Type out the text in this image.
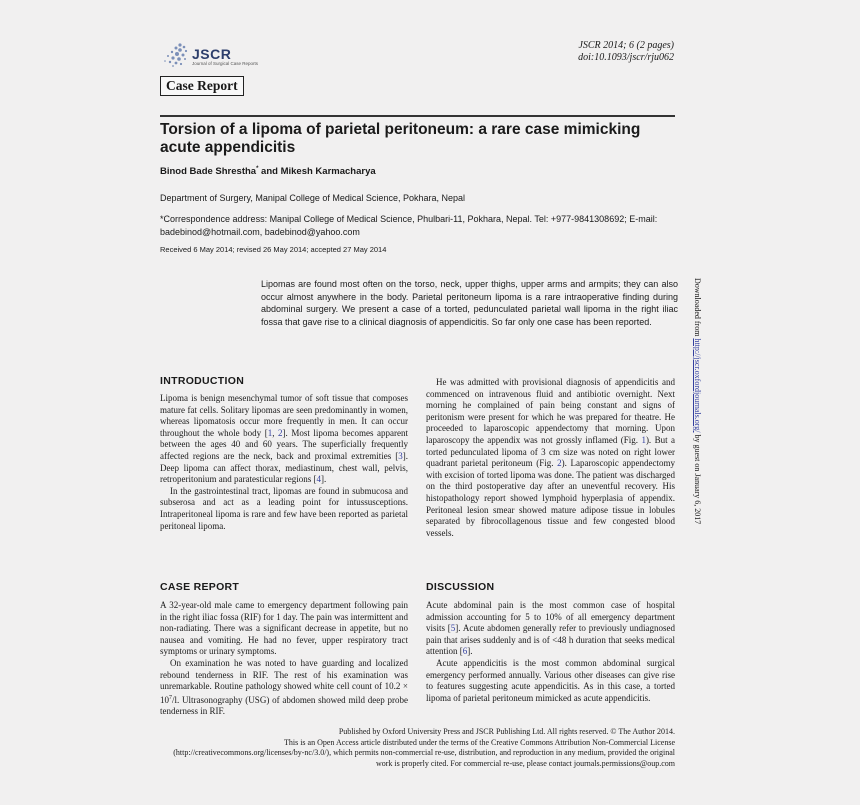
JSCR
Journal of Surgical Case Reports
JSCR 2014; 6 (2 pages)
doi:10.1093/jscr/rju062
Case Report
Torsion of a lipoma of parietal peritoneum: a rare case mimicking acute appendicitis
Binod Bade Shrestha* and Mikesh Karmacharya
Department of Surgery, Manipal College of Medical Science, Pokhara, Nepal
*Correspondence address: Manipal College of Medical Science, Phulbari-11, Pokhara, Nepal. Tel: +977-9841308692; E-mail: badebinod@hotmail.com, badebinod@yahoo.com
Received 6 May 2014; revised 26 May 2014; accepted 27 May 2014
Lipomas are found most often on the torso, neck, upper thighs, upper arms and armpits; they can also occur almost anywhere in the body. Parietal peritoneum lipoma is a rare intraoperative finding during abdominal surgery. We present a case of a torted, pedunculated parietal wall lipoma in the right iliac fossa that gave rise to a clinical diagnosis of appendicitis. So far only one case has been reported.	Downloaded from http://jscr.oxfordjournals.org/ by guest on January 6, 2017
INTRODUCTION

Lipoma is benign mesenchymal tumor of soft tissue that composes mature fat cells. Solitary lipomas are seen predominantly in women, whereas lipomatosis occur more frequently in men. It can occur throughout the whole body [1, 2]. Most lipoma becomes apparent between the ages 40 and 60 years. The superficially frequently affected regions are the neck, back and proximal extremities [3]. Deep lipoma can affect thorax, mediastinum, chest wall, pelvis, retroperitonium and paratesticular regions [4].

In the gastrointestinal tract, lipomas are found in submucosa and subserosa and act as a leading point for intussusceptions. Intraperitoneal lipoma is rare and few have been reported as parietal peritoneal lipoma.

He was admitted with provisional diagnosis of appendicitis and commenced on intravenous fluid and antibiotic overnight. Next morning he complained of pain being constant and signs of peritonism were present for which he was prepared for theatre. He proceeded to laparoscopic appendectomy that morning. Upon laparoscopy the appendix was not grossly inflamed (Fig. 1). But a torted pedunculated lipoma of 3 cm size was noted on right lower quadrant parietal peritoneum (Fig. 2). Laparoscopic appendectomy with excision of torted lipoma was done. The patient was discharged on the third postoperative day after an uneventful recovery. His histopathology report showed lymphoid hyperplasia of appendix. Peritoneal lesion smear showed mature adipose tissue in lobules separated by fibrocollagenous tissue and few congested blood vessels.

CASE REPORT

A 32-year-old male came to emergency department following pain in the right iliac fossa (RIF) for 1 day. The pain was intermittent and non-radiating. There was a significant decrease in appetite, but no nausea and vomiting. He had no fever, upper respiratory tract symptoms or urinary symptoms.

On examination he was noted to have guarding and localized rebound tenderness in RIF. The rest of his examination was unremarkable. Routine pathology showed white cell count of $10.2 \times 10^7/l$. Ultrasonography (USG) of abdomen showed mild deep probe tenderness in RIF.

DISCUSSION

Acute abdominal pain is the most common case of hospital admission accounting for 5 to 10% of all emergency department visits [5]. Acute abdomen generally refer to previously undiagnosed pain that arises suddenly and is of <48 h duration that seeks medical attention [6].

Acute appendicitis is the most common abdominal surgical emergency performed annually. Various other diseases can give rise to features suggesting acute appendicitis. As in this case, a torted lipoma of parietal peritoneum mimicked as acute appendicitis.

Published by Oxford University Press and JSCR Publishing Ltd. All rights reserved. © The Author 2014.
This is an Open Access article distributed under the terms of the Creative Commons Attribution Non-Commercial License (http://creativecommons.org/licenses/by-nc/3.0/), which permits non-commercial re-use, distribution, and reproduction in any medium, provided the original work is properly cited. For commercial re-use, please contact journals.permissions@oup.com
